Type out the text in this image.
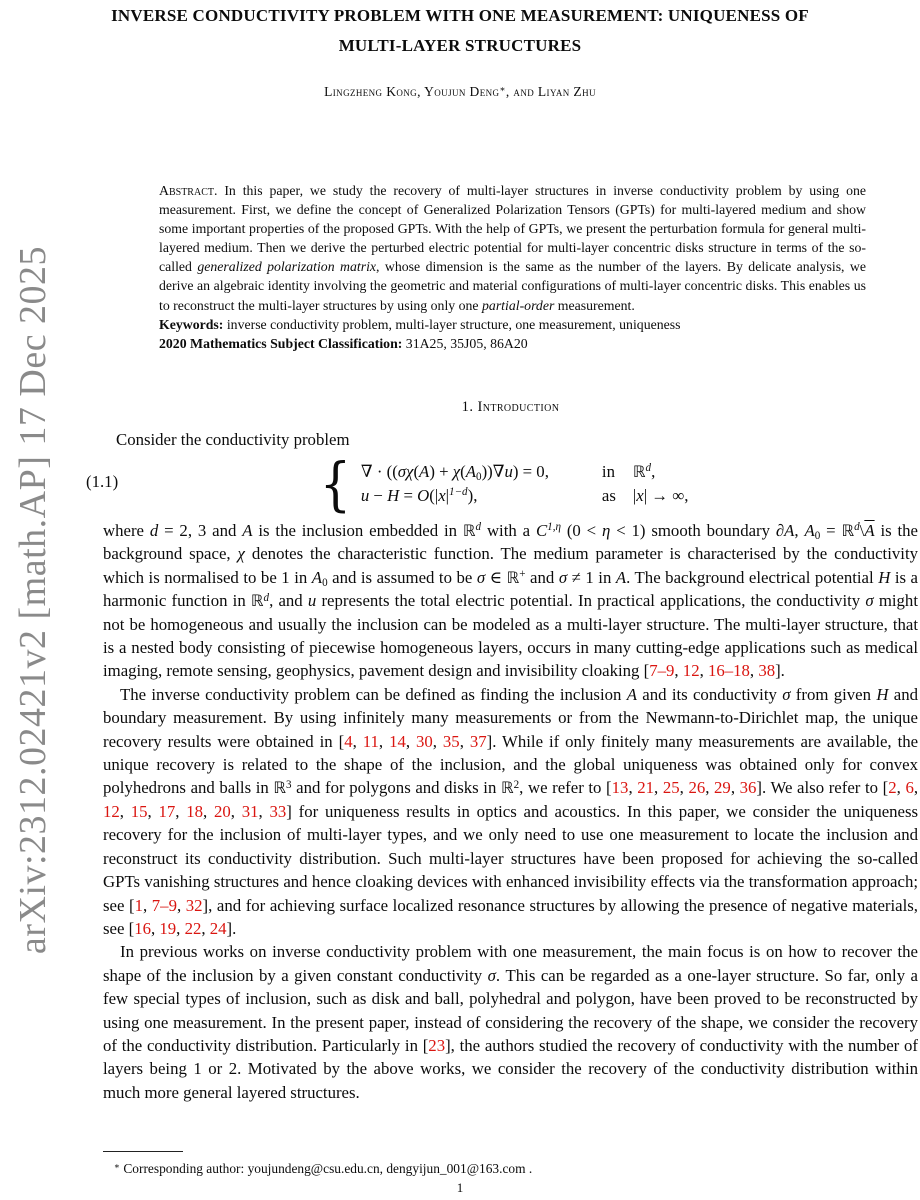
arXiv:2312.02421v2 [math.AP] 17 Dec 2025
INVERSE CONDUCTIVITY PROBLEM WITH ONE MEASUREMENT: UNIQUENESS OF
MULTI-LAYER STRUCTURES
Lingzheng Kong, Youjun Deng∗, and Liyan Zhu

Abstract. In this paper, we study the recovery of multi-layer structures in inverse conductivity problem by using one measurement. First, we define the concept of Generalized Polarization Tensors (GPTs) for multi-layered medium and show some important properties of the proposed GPTs. With the help of GPTs, we present the perturbation formula for general multi-layered medium. Then we derive the perturbed electric potential for multi-layer concentric disks structure in terms of the so-called generalized polarization matrix, whose dimension is the same as the number of the layers. By delicate analysis, we derive an algebraic identity involving the geometric and material configurations of multi-layer concentric disks. This enables us to reconstruct the multi-layer structures by using only one partial-order measurement.

Keywords: inverse conductivity problem, multi-layer structure, one measurement, uniqueness

2020 Mathematics Subject Classification: 31A25, 35J05, 86A20

1. Introduction
Consider the conductivity problem
(1.1)	{ ∇ · ((σχ(A) + χ(A0))∇u) = 0,	in ℝ$^d$,
$u - H = O(|x|^{1-d})$,	as |x| → ∞,

where d = 2, 3 and A is the inclusion embedded in ℝ$^d$ with a $C^{1,\eta}$ (0 < η < 1) smooth boundary ∂A, $A0 = ℝ^d\backslash\overline{A}$ is the background space, χ denotes the characteristic function. The medium parameter is characterised by the conductivity which is normalised to be 1 in A0 and is assumed to be σ ∈ ℝ+ and σ ≠ 1 in A. The background electrical potential H is a harmonic function in ℝ$^d$, and u represents the total electric potential. In practical applications, the conductivity σ might not be homogeneous and usually the inclusion can be modeled as a multi-layer structure. The multi-layer structure, that is a nested body consisting of piecewise homogeneous layers, occurs in many cutting-edge applications such as medical imaging, remote sensing, geophysics, pavement design and invisibility cloaking [7–9, 12, 16–18, 38].

The inverse conductivity problem can be defined as finding the inclusion A and its conductivity σ from given H and boundary measurement. By using infinitely many measurements or from the Newmann-to-Dirichlet map, the unique recovery results were obtained in [4, 11, 14, 30, 35, 37]. While if only finitely many measurements are available, the unique recovery is related to the shape of the inclusion, and the global uniqueness was obtained only for convex polyhedrons and balls in ℝ$^3$ and for polygons and disks in ℝ$^2$, we refer to [13, 21, 25, 26, 29, 36]. We also refer to [2, 6, 12, 15, 17, 18, 20, 31, 33] for uniqueness results in optics and acoustics. In this paper, we consider the uniqueness recovery for the inclusion of multi-layer types, and we only need to use one measurement to locate the inclusion and reconstruct its conductivity distribution. Such multi-layer structures have been proposed for achieving the so-called GPTs vanishing structures and hence cloaking devices with enhanced invisibility effects via the transformation approach; see [1, 7–9, 32], and for achieving surface localized resonance structures by allowing the presence of negative materials, see [16, 19, 22, 24].

In previous works on inverse conductivity problem with one measurement, the main focus is on how to recover the shape of the inclusion by a given constant conductivity σ. This can be regarded as a one-layer structure. So far, only a few special types of inclusion, such as disk and ball, polyhedral and polygon, have been proved to be reconstructed by using one measurement. In the present paper, instead of considering the recovery of the shape, we consider the recovery of the conductivity distribution. Particularly in [23], the authors studied the recovery of conductivity with the number of layers being 1 or 2. Motivated by the above works, we consider the recovery of the conductivity distribution within much more general layered structures.

∗ Corresponding author: youjundeng@csu.edu.cn, dengyijun_001@163.com .
1
